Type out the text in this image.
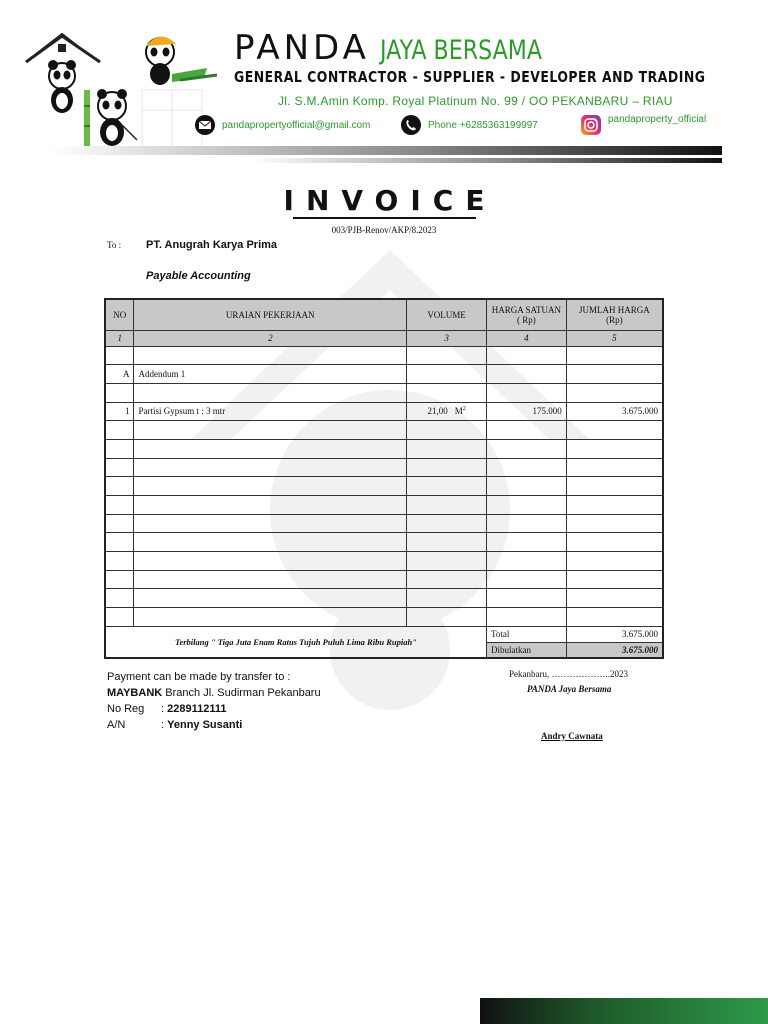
PANDA JAYA BERSAMA
GENERAL CONTRACTOR - SUPPLIER - DEVELOPER AND TRADING
Jl. S.M.Amin Komp. Royal Platinum No. 99 / OO PEKANBARU – RIAU
pandapropertyofficial@gmail.com	Phone +6285363199997
pandaproperty_official
INVOICE
003/PJB-Renov/AKP/8.2023
To : PT. Anugrah Karya Prima
Payable Accounting
NO	URAIAN PEKERJAAN	VOLUME	HARGA SATUAN ( Rp)	JUMLAH HARGA (Rp)
1	2	3	4	5

A	Addendum 1			

1	Partisi Gypsum t : 3 mtr	21,00 $M^2$	175.000	3.675.000

Terbilang " Tiga Juta Enam Ratus Tujuh Puluh Lima Ribu Rupiah"			Total	3.675.000
			Dibulatkan	3.675.000
Payment can be made by transfer to :
MAYBANK Branch Jl. Sudirman Pekanbaru
No Reg : 2289112111
A/N	: Yenny Susanti
Pekanbaru, ………………..2023
PANDA Jaya Bersama
Andry Cawnata
